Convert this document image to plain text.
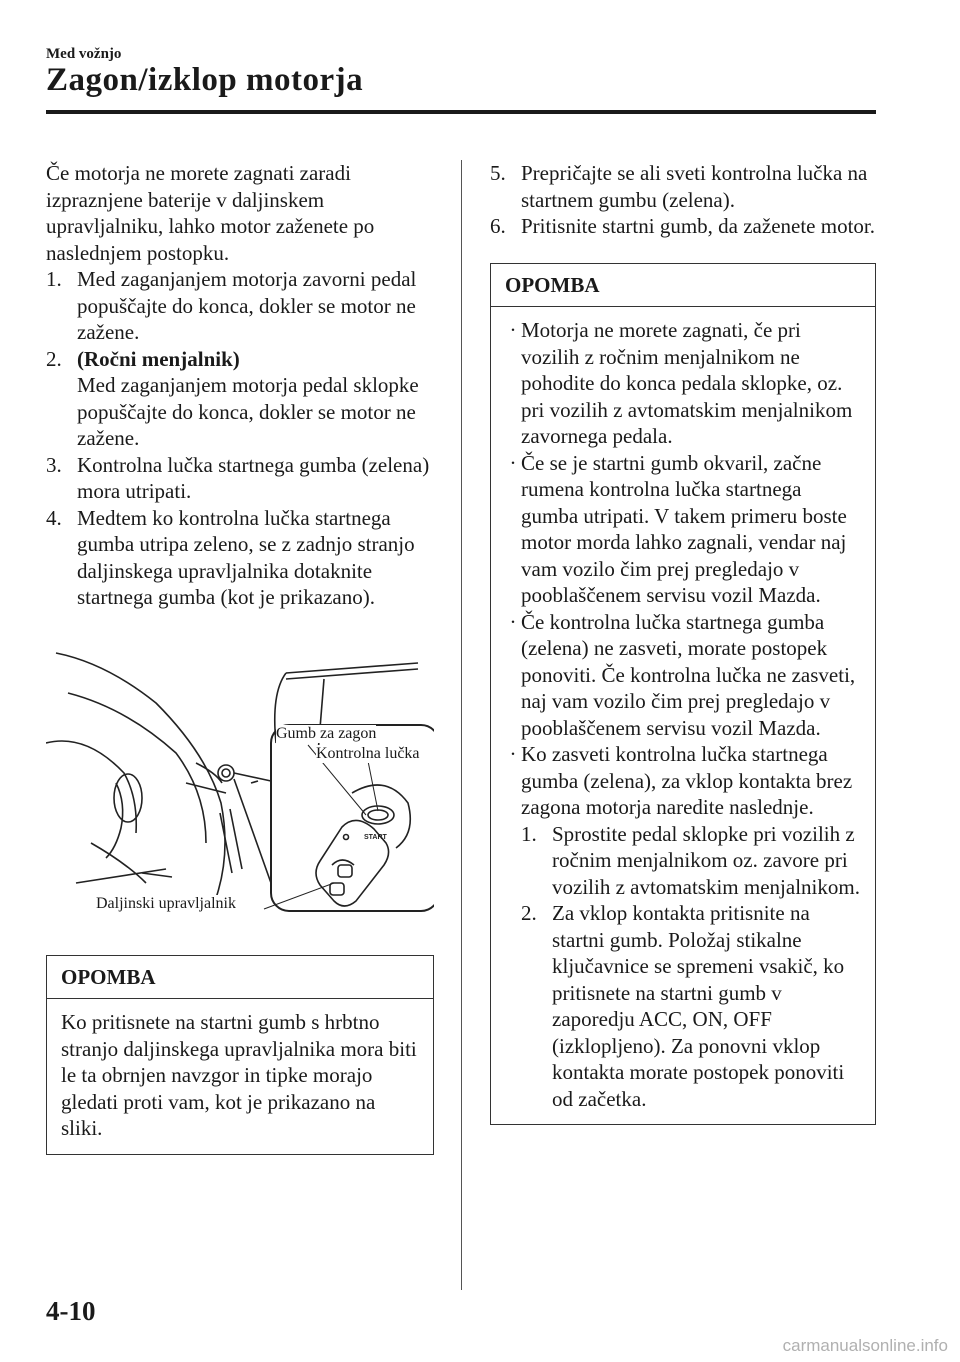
Med vožnjo
Zagon/izklop motorja

Če motorja ne morete zagnati zaradi izpraznjene baterije v daljinskem upravljalniku, lahko motor zaženete po naslednjem postopku.

1. Med zaganjanjem motorja zavorni pedal popuščajte do konca, dokler se motor ne zažene.
2. (Ročni menjalnik)
Med zaganjanjem motorja pedal sklopke popuščajte do konca, dokler se motor ne zažene.
3. Kontrolna lučka startnega gumba (zelena) mora utripati.
4. Medtem ko kontrolna lučka startnega gumba utripa zeleno, se z zadnjo stranjo daljinskega upravljalnika dotaknite startnega gumba (kot je prikazano).
START
Gumb za zagon
Kontrolna lučka
Daljinski upravljalnik
OPOMBA
Ko pritisnete na startni gumb s hrbtno stranjo daljinskega upravljalnika mora biti le ta obrnjen navzgor in tipke morajo gledati proti vam, kot je prikazano na sliki.
5. Prepričajte se ali sveti kontrolna lučka na startnem gumbu (zelena).
6. Pritisnite startni gumb, da zaženete motor.
OPOMBA
· Motorja ne morete zagnati, če pri vozilih z ročnim menjalnikom ne pohodite do konca pedala sklopke, oz. pri vozilih z avtomatskim menjalnikom zavornega pedala.
· Če se je startni gumb okvaril, začne rumena kontrolna lučka startnega gumba utripati. V takem primeru boste motor morda lahko zagnali, vendar naj vam vozilo čim prej pregledajo v pooblaščenem servisu vozil Mazda.
· Če kontrolna lučka startnega gumba (zelena) ne zasveti, morate postopek ponoviti. Če kontrolna lučka ne zasveti, naj vam vozilo čim prej pregledajo v pooblaščenem servisu vozil Mazda.
· Ko zasveti kontrolna lučka startnega gumba (zelena), za vklop kontakta brez zagona motorja naredite naslednje.
1. Sprostite pedal sklopke pri vozilih z ročnim menjalnikom oz. zavore pri vozilih z avtomatskim menjalnikom.
2. Za vklop kontakta pritisnite na startni gumb. Položaj stikalne ključavnice se spremeni vsakič, ko pritisnete na startni gumb v zaporedju ACC, ON, OFF (izklopljeno). Za ponovni vklop kontakta morate postopek ponoviti od začetka.
4-10
carmanualsonline.info
